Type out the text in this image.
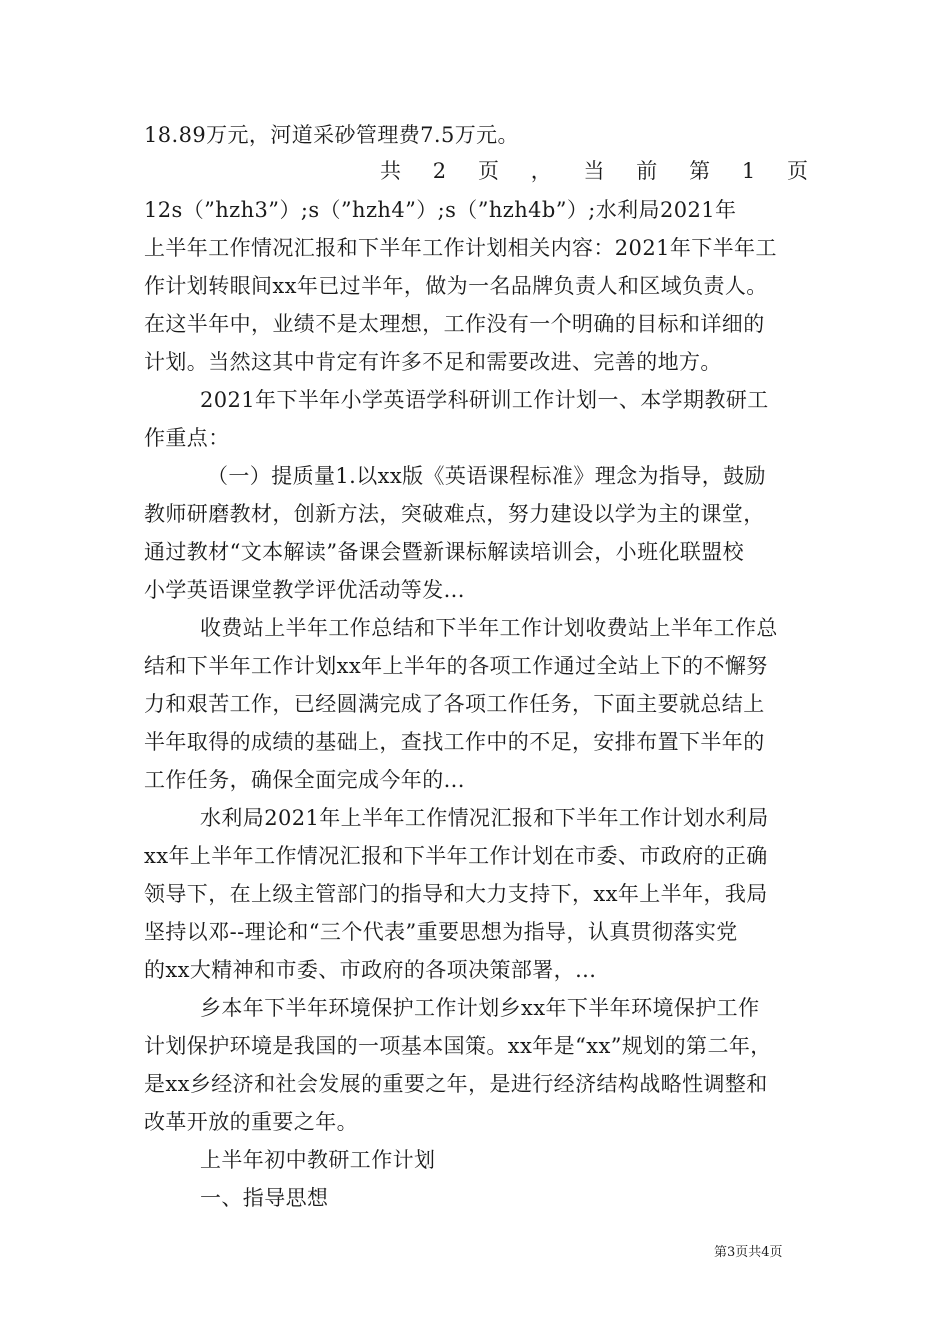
18.89万元，河道采砂管理费7.5万元。
共 2 页 ， 当 前 第 1 页
12s（”hzh3”）;s（”hzh4”）;s（”hzh4b”）;水利局2021年
上半年工作情况汇报和下半年工作计划相关内容：2021年下半年工
作计划转眼间xx年已过半年，做为一名品牌负责人和区域负责人。
在这半年中，业绩不是太理想，工作没有一个明确的目标和详细的
计划。当然这其中肯定有许多不足和需要改进、完善的地方。
2021年下半年小学英语学科研训工作计划一、本学期教研工
作重点：
（一）提质量1.以xx版《英语课程标准》理念为指导，鼓励
教师研磨教材，创新方法，突破难点，努力建设以学为主的课堂，
通过教材“文本解读”备课会暨新课标解读培训会，小班化联盟校
小学英语课堂教学评优活动等发...
收费站上半年工作总结和下半年工作计划收费站上半年工作总
结和下半年工作计划xx年上半年的各项工作通过全站上下的不懈努
力和艰苦工作，已经圆满完成了各项工作任务，下面主要就总结上
半年取得的成绩的基础上，查找工作中的不足，安排布置下半年的
工作任务，确保全面完成今年的...
水利局2021年上半年工作情况汇报和下半年工作计划水利局
xx年上半年工作情况汇报和下半年工作计划在市委、市政府的正确
领导下，在上级主管部门的指导和大力支持下，xx年上半年，我局
坚持以邓--理论和“三个代表”重要思想为指导，认真贯彻落实党
的xx大精神和市委、市政府的各项决策部署，...
乡本年下半年环境保护工作计划乡xx年下半年环境保护工作
计划保护环境是我国的一项基本国策。xx年是“xx”规划的第二年，
是xx乡经济和社会发展的重要之年，是进行经济结构战略性调整和
改革开放的重要之年。
上半年初中教研工作计划
一、指导思想
第3页共4页
